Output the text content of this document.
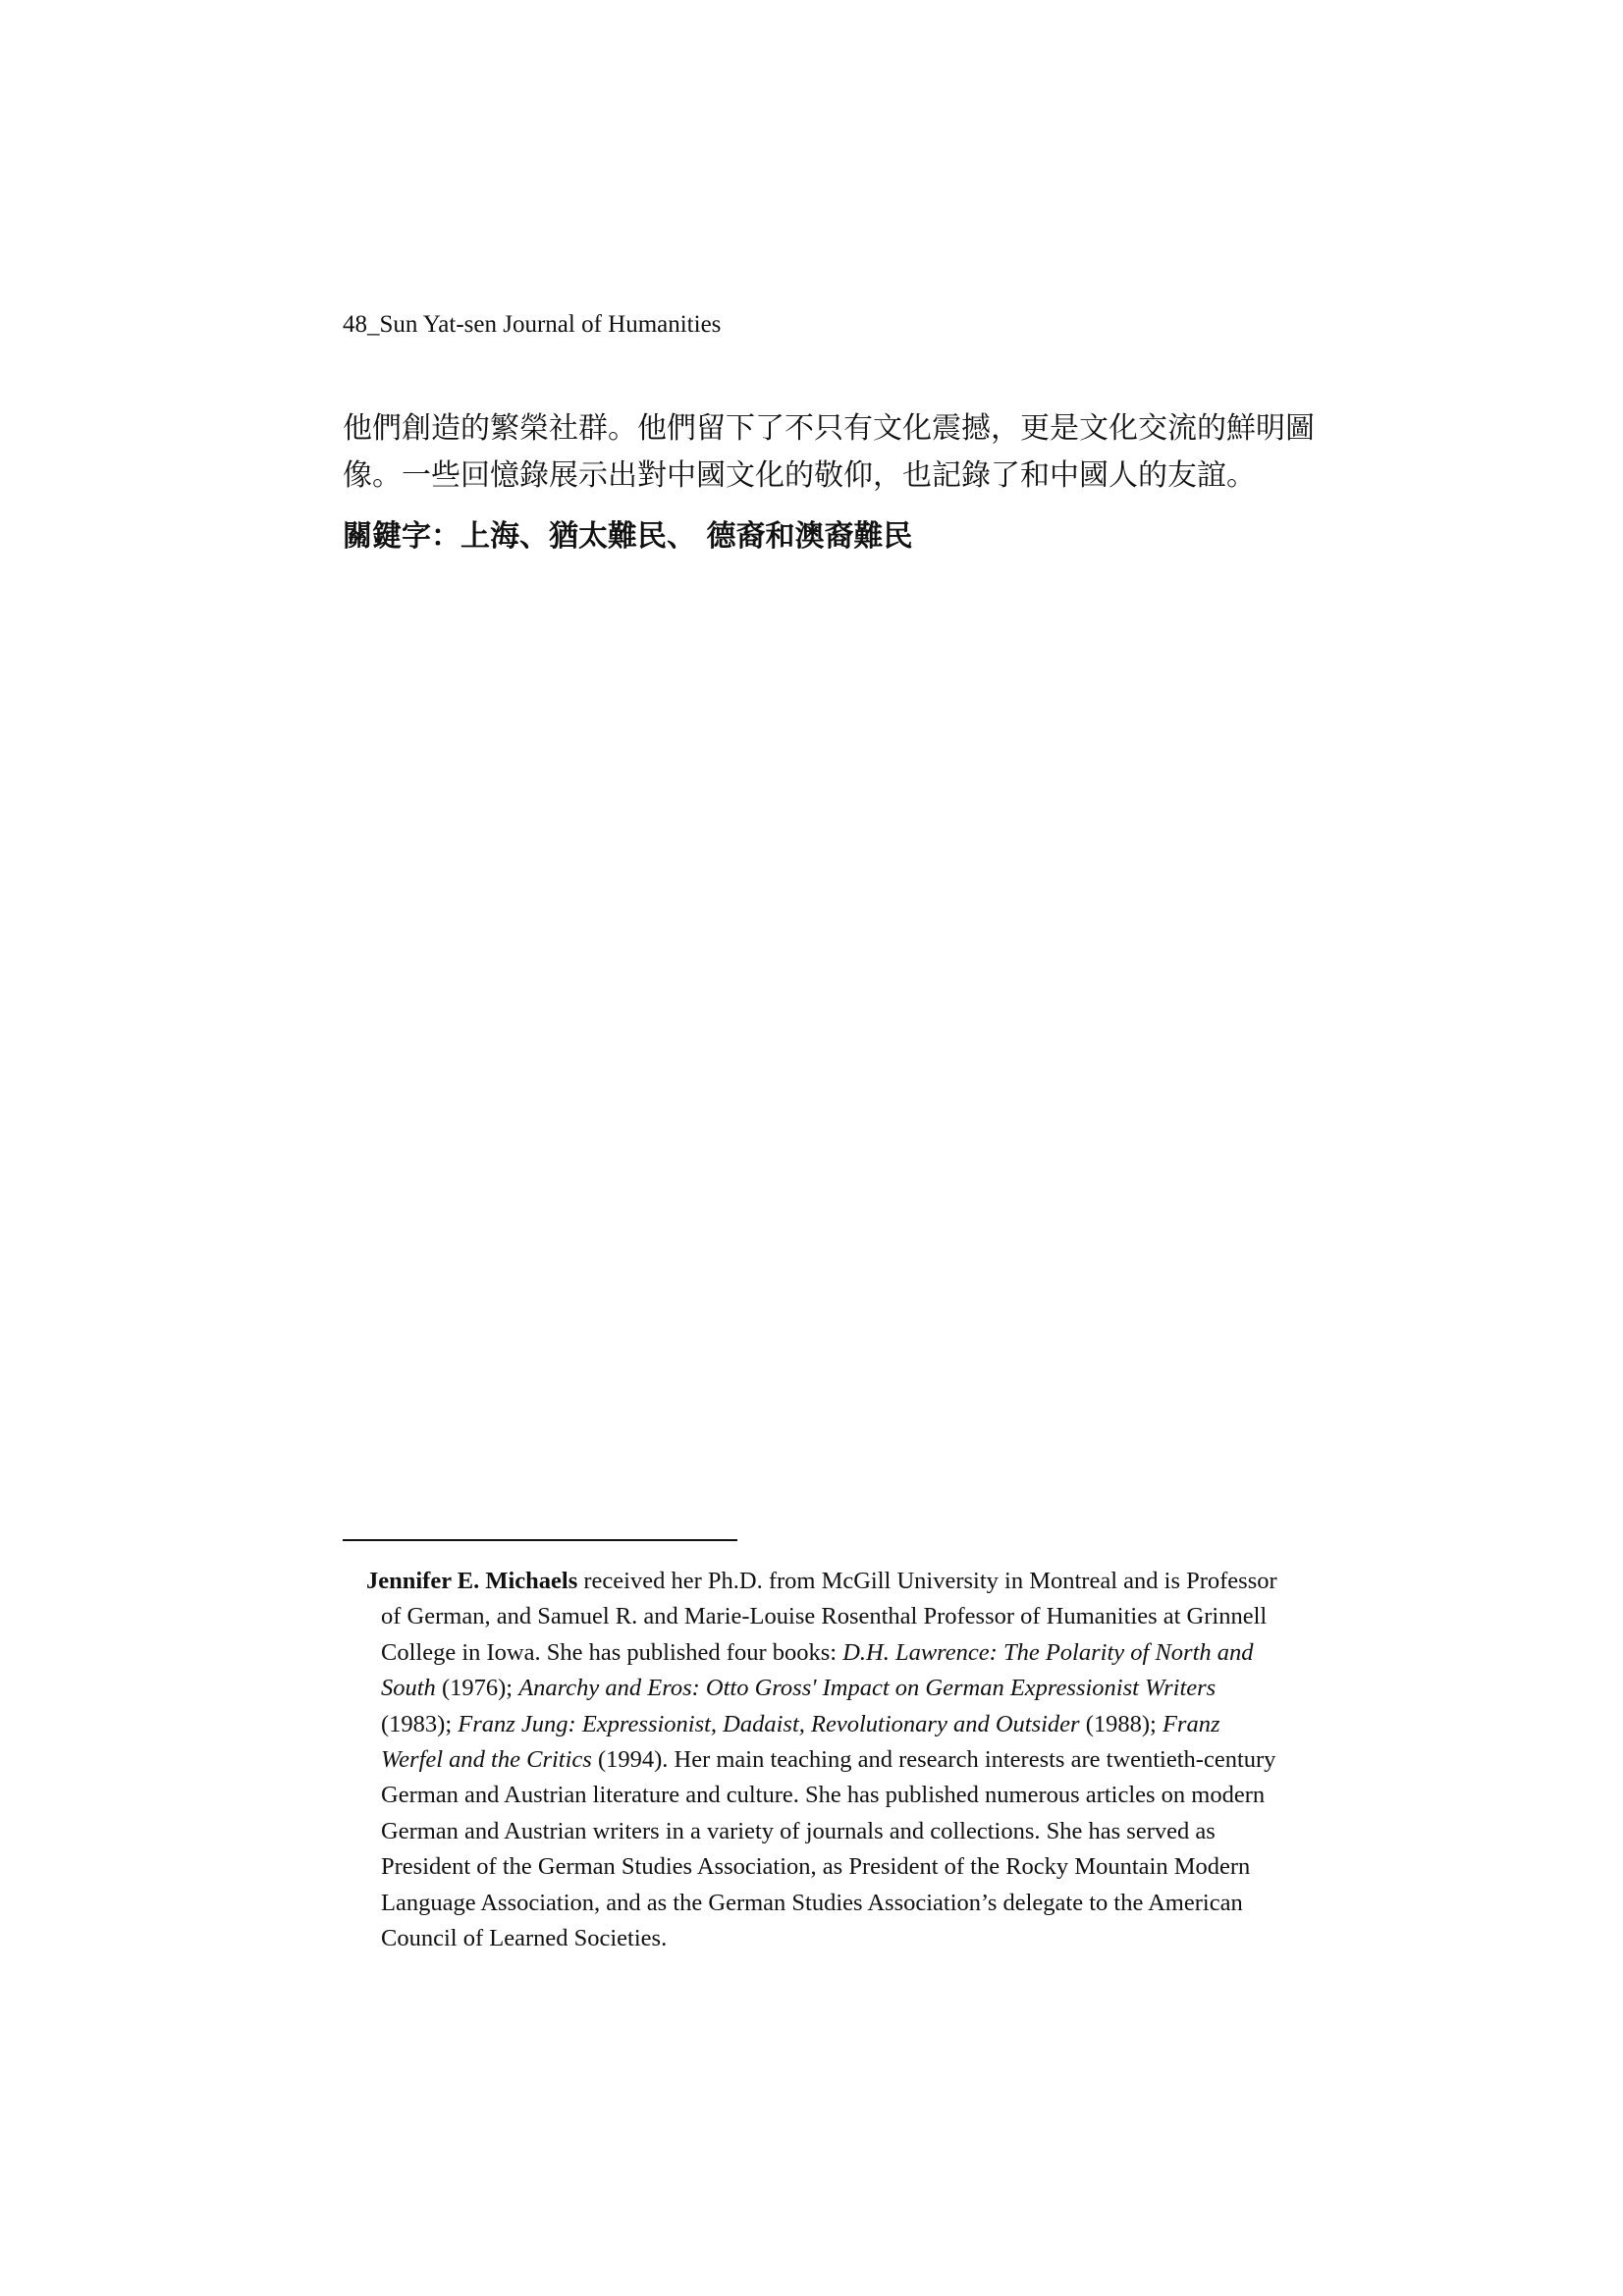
48_Sun Yat-sen Journal of Humanities
他們創造的繁榮社群。他們留下了不只有文化震撼，更是文化交流的鮮明圖
像。一些回憶錄展示出對中國文化的敬仰，也記錄了和中國人的友誼。
關鍵字：上海、猶太難民、 德裔和澳裔難民
Jennifer E. Michaels received her Ph.D. from McGill University in Montreal and is Professor
of German, and Samuel R. and Marie-Louise Rosenthal Professor of Humanities at Grinnell
College in Iowa. She has published four books: D.H. Lawrence: The Polarity of North and
South (1976); Anarchy and Eros: Otto Gross' Impact on German Expressionist Writers
(1983); Franz Jung: Expressionist, Dadaist, Revolutionary and Outsider (1988); Franz
Werfel and the Critics (1994). Her main teaching and research interests are twentieth-century
German and Austrian literature and culture. She has published numerous articles on modern
German and Austrian writers in a variety of journals and collections. She has served as
President of the German Studies Association, as President of the Rocky Mountain Modern
Language Association, and as the German Studies Association’s delegate to the American
Council of Learned Societies.
